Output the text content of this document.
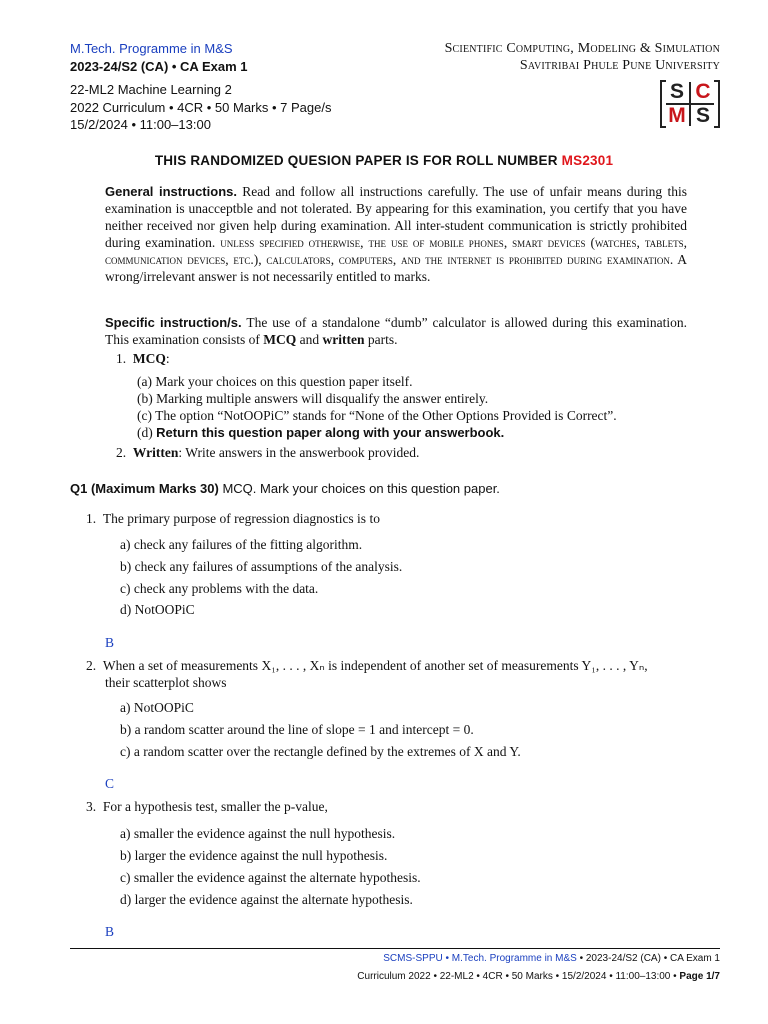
M.Tech. Programme in M&S
2023-24/S2 (CA) • CA Exam 1
22-ML2 Machine Learning 2
2022 Curriculum • 4CR • 50 Marks • 7 Page/s
15/2/2024 • 11:00–13:00
Scientific Computing, Modeling & Simulation
Savitribai Phule Pune University
S C
M S
THIS RANDOMIZED QUESION PAPER IS FOR ROLL NUMBER MS2301
General instructions. Read and follow all instructions carefully. The use of unfair means during this examination is unacceptble and not tolerated. By appearing for this examination, you certify that you have neither received nor given help during examination. All inter-student communication is strictly prohibited during examination. unless specified otherwise, the use of mobile phones, smart devices (watches, tablets, communication devices, etc.), calculators, computers, and the internet is prohibited during examination. A wrong/irrelevant answer is not necessarily entitled to marks.
Specific instruction/s. The use of a standalone “dumb” calculator is allowed during this examination. This examination consists of MCQ and written parts.
1. MCQ:
(a) Mark your choices on this question paper itself.
(b) Marking multiple answers will disqualify the answer entirely.
(c) The option “NotOOPiC” stands for “None of the Other Options Provided is Correct”.
(d) Return this question paper along with your answerbook.
2. Written: Write answers in the answerbook provided.
Q1 (Maximum Marks 30) MCQ. Mark your choices on this question paper.
1. The primary purpose of regression diagnostics is to
a) check any failures of the fitting algorithm.
b) check any failures of assumptions of the analysis.
c) check any problems with the data.
d) NotOOPiC
B
2. When a set of measurements X₁, . . . , Xₙ is independent of another set of measurements Y₁, . . . , Yₙ,
their scatterplot shows
a) NotOOPiC
b) a random scatter around the line of slope = 1 and intercept = 0.
c) a random scatter over the rectangle defined by the extremes of X and Y.
C
3. For a hypothesis test, smaller the p-value,
a) smaller the evidence against the null hypothesis.
b) larger the evidence against the null hypothesis.
c) smaller the evidence against the alternate hypothesis.
d) larger the evidence against the alternate hypothesis.
B
SCMS-SPPU • M.Tech. Programme in M&S • 2023-24/S2 (CA) • CA Exam 1
Curriculum 2022 • 22-ML2 • 4CR • 50 Marks • 15/2/2024 • 11:00–13:00 • Page 1/7
